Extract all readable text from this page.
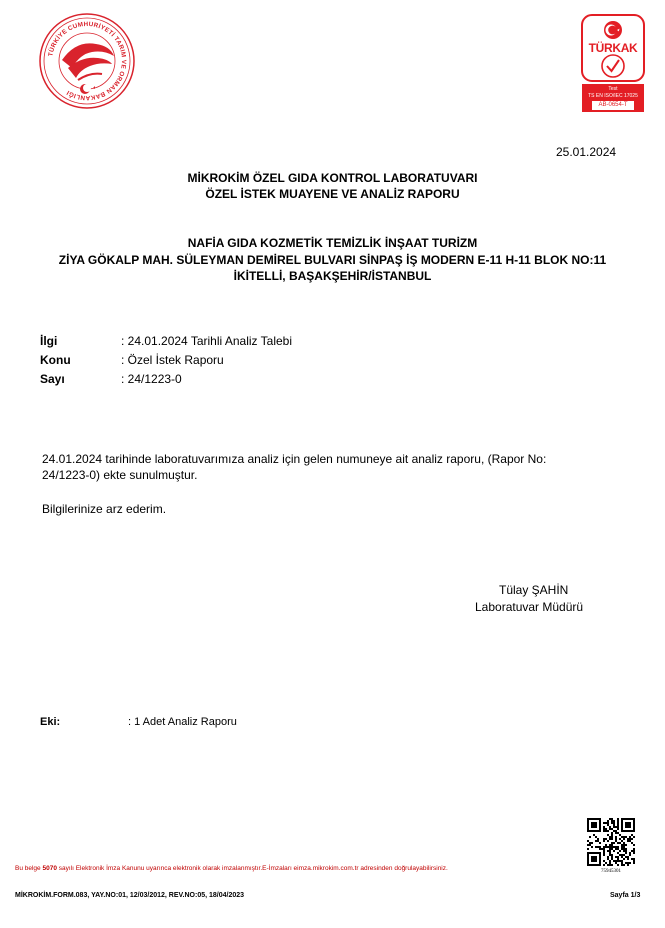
TÜRKİYE CUMHURİYETİ TARIM VE ORMAN BAKANLIĞI
TÜRKAK
Test
TS EN ISO/IEC 17025
AB-0654-T
25.01.2024
MİKROKİM ÖZEL GIDA KONTROL LABORATUVARI
ÖZEL İSTEK MUAYENE VE ANALİZ RAPORU
NAFİA GIDA KOZMETİK TEMİZLİK İNŞAAT TURİZM
ZİYA GÖKALP MAH. SÜLEYMAN DEMİREL BULVARI SİNPAŞ İŞ MODERN E-11 H-11 BLOK NO:11
İKİTELLİ, BAŞAKŞEHİR/İSTANBUL
İlgi	: 24.01.2024 Tarihli Analiz Talebi
Konu	: Özel İstek Raporu
Sayı	: 24/1223-0
24.01.2024 tarihinde laboratuvarımıza analiz için gelen numuneye ait analiz raporu, (Rapor No:
24/1223-0) ekte sunulmuştur.
Bilgilerinize arz ederim.
Tülay ŞAHİN
Laboratuvar Müdürü
Eki:	: 1 Adet Analiz Raporu
75945301
Bu belge 5070 sayılı Elektronik İmza Kanunu uyarınca elektronik olarak imzalanmıştır.E-İmzaları eimza.mikrokim.com.tr adresinden doğrulayabilirsiniz.
MİKROKİM.FORM.083, YAY.NO:01, 12/03/2012, REV.NO:05, 18/04/2023	Sayfa 1/3
